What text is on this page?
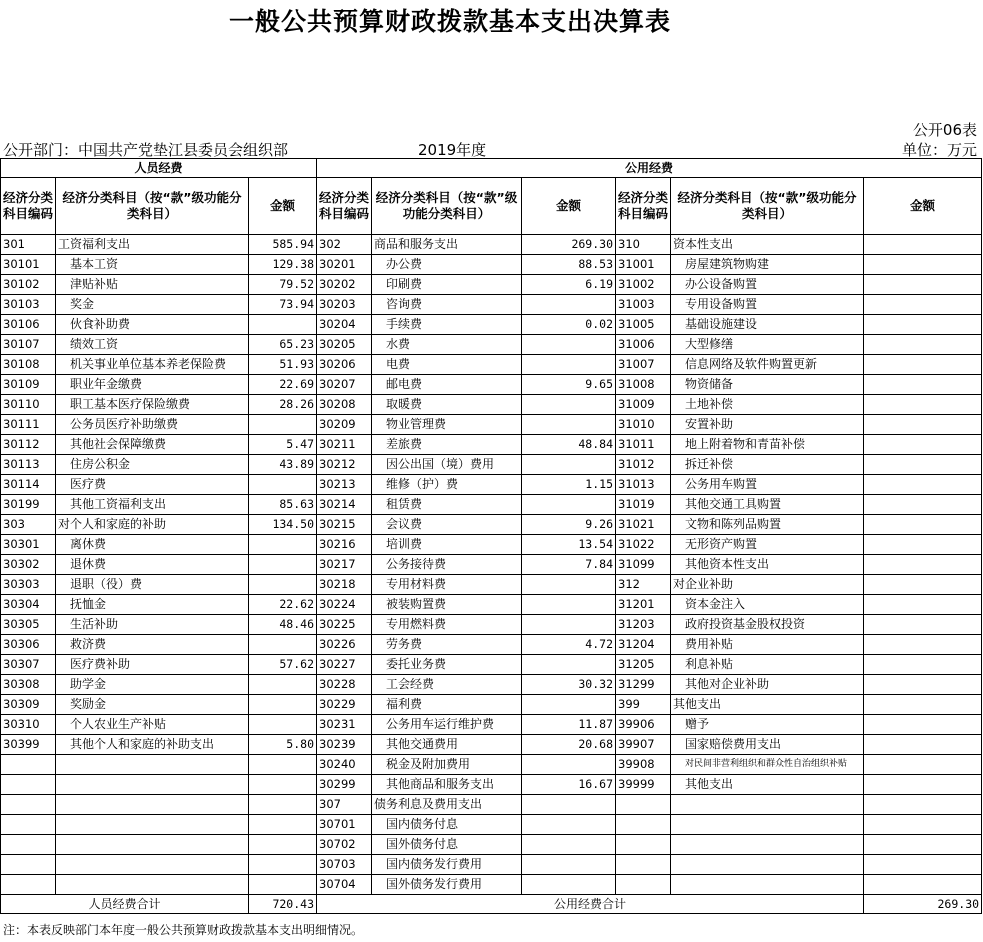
一般公共预算财政拨款基本支出决算表
公开06表
公开部门：中国共产党垫江县委员会组织部	2019年度	单位：万元
人员经费			公用经费					
经济分类科目编码	经济分类科目（按“款”级功能分类科目）	金额	经济分类科目编码	经济分类科目（按“款”级功能分类科目）	金额	经济分类科目编码	经济分类科目（按“款”级功能分类科目）	金额
301	工资福利支出	585.94	302	商品和服务支出	269.30	310	资本性支出	
30101	基本工资	129.38	30201	办公费	88.53	31001	房屋建筑物购建	
30102	津贴补贴	79.52	30202	印刷费	6.19	31002	办公设备购置	
30103	奖金	73.94	30203	咨询费		31003	专用设备购置	
30106	伙食补助费		30204	手续费	0.02	31005	基础设施建设	
30107	绩效工资	65.23	30205	水费		31006	大型修缮	
30108	机关事业单位基本养老保险费	51.93	30206	电费		31007	信息网络及软件购置更新	
30109	职业年金缴费	22.69	30207	邮电费	9.65	31008	物资储备	
30110	职工基本医疗保险缴费	28.26	30208	取暖费		31009	土地补偿	
30111	公务员医疗补助缴费		30209	物业管理费		31010	安置补助	
30112	其他社会保障缴费	5.47	30211	差旅费	48.84	31011	地上附着物和青苗补偿	
30113	住房公积金	43.89	30212	因公出国（境）费用		31012	拆迁补偿	
30114	医疗费		30213	维修（护）费	1.15	31013	公务用车购置	
30199	其他工资福利支出	85.63	30214	租赁费		31019	其他交通工具购置	
303	对个人和家庭的补助	134.50	30215	会议费	9.26	31021	文物和陈列品购置	
30301	离休费		30216	培训费	13.54	31022	无形资产购置	
30302	退休费		30217	公务接待费	7.84	31099	其他资本性支出	
30303	退职（役）费		30218	专用材料费		312	对企业补助	
30304	抚恤金	22.62	30224	被装购置费		31201	资本金注入	
30305	生活补助	48.46	30225	专用燃料费		31203	政府投资基金股权投资	
30306	救济费		30226	劳务费	4.72	31204	费用补贴	
30307	医疗费补助	57.62	30227	委托业务费		31205	利息补贴	
30308	助学金		30228	工会经费	30.32	31299	其他对企业补助	
30309	奖励金		30229	福利费		399	其他支出	
30310	个人农业生产补贴		30231	公务用车运行维护费	11.87	39906	赠予	
30399	其他个人和家庭的补助支出	5.80	30239	其他交通费用	20.68	39907	国家赔偿费用支出	
			30240	税金及附加费用		39908	对民间非营利组织和群众性自治组织补贴	
			30299	其他商品和服务支出	16.67	39999	其他支出	
			307	债务利息及费用支出				
			30701	国内债务付息				
			30702	国外债务付息				
			30703	国内债务发行费用				
			30704	国外债务发行费用				
人员经费合计		720.43	公用经费合计					269.30
注：本表反映部门本年度一般公共预算财政拨款基本支出明细情况。
